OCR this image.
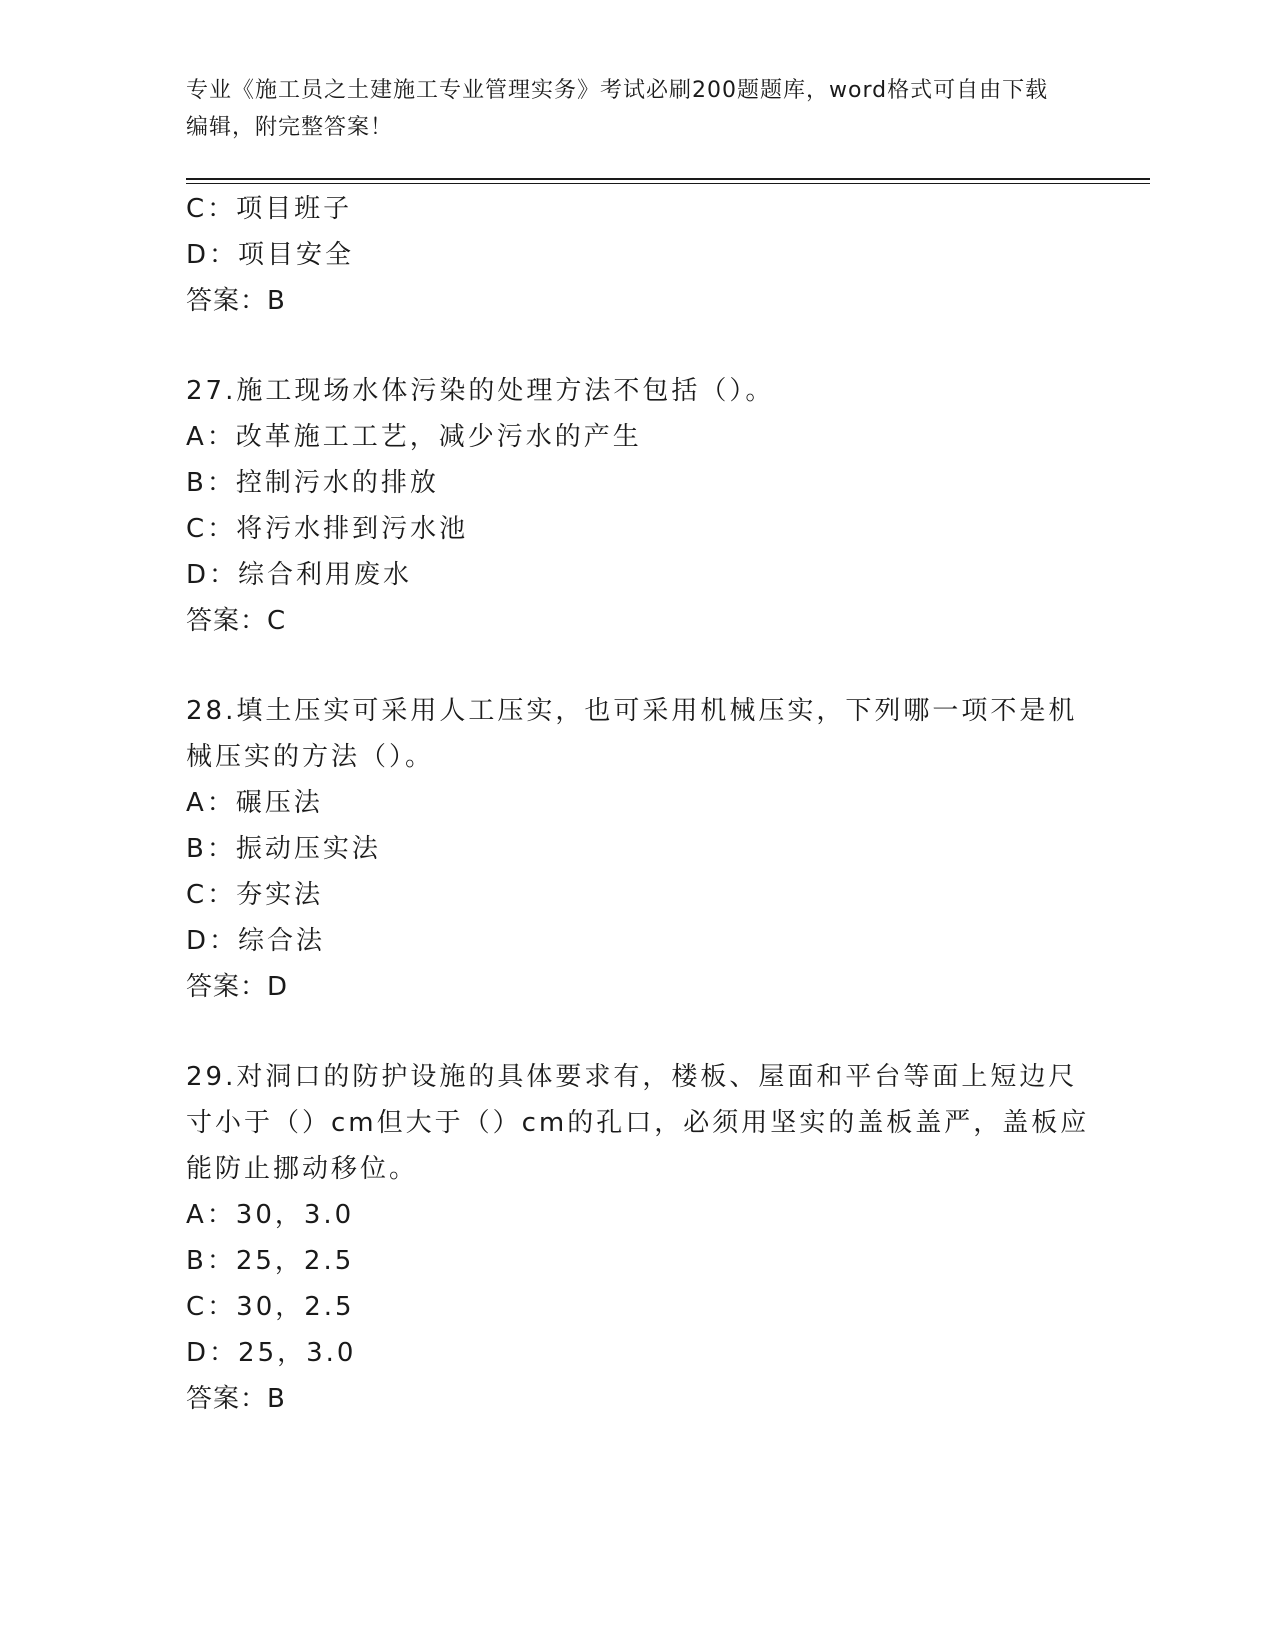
专业《施工员之土建施工专业管理实务》考试必刷200题题库，word格式可自由下载编辑，附完整答案！
C：项目班子
D：项目安全
答案：B
27.施工现场水体污染的处理方法不包括（）。
A：改革施工工艺，减少污水的产生
B：控制污水的排放
C：将污水排到污水池
D：综合利用废水
答案：C
28.填土压实可采用人工压实，也可采用机械压实，下列哪一项不是机
械压实的方法（）。
A：碾压法
B：振动压实法
C：夯实法
D：综合法
答案：D
29.对洞口的防护设施的具体要求有，楼板、屋面和平台等面上短边尺
寸小于（）cm但大于（）cm的孔口，必须用坚实的盖板盖严，盖板应
能防止挪动移位。
A：30，3.0
B：25，2.5
C：30，2.5
D：25，3.0
答案：B
